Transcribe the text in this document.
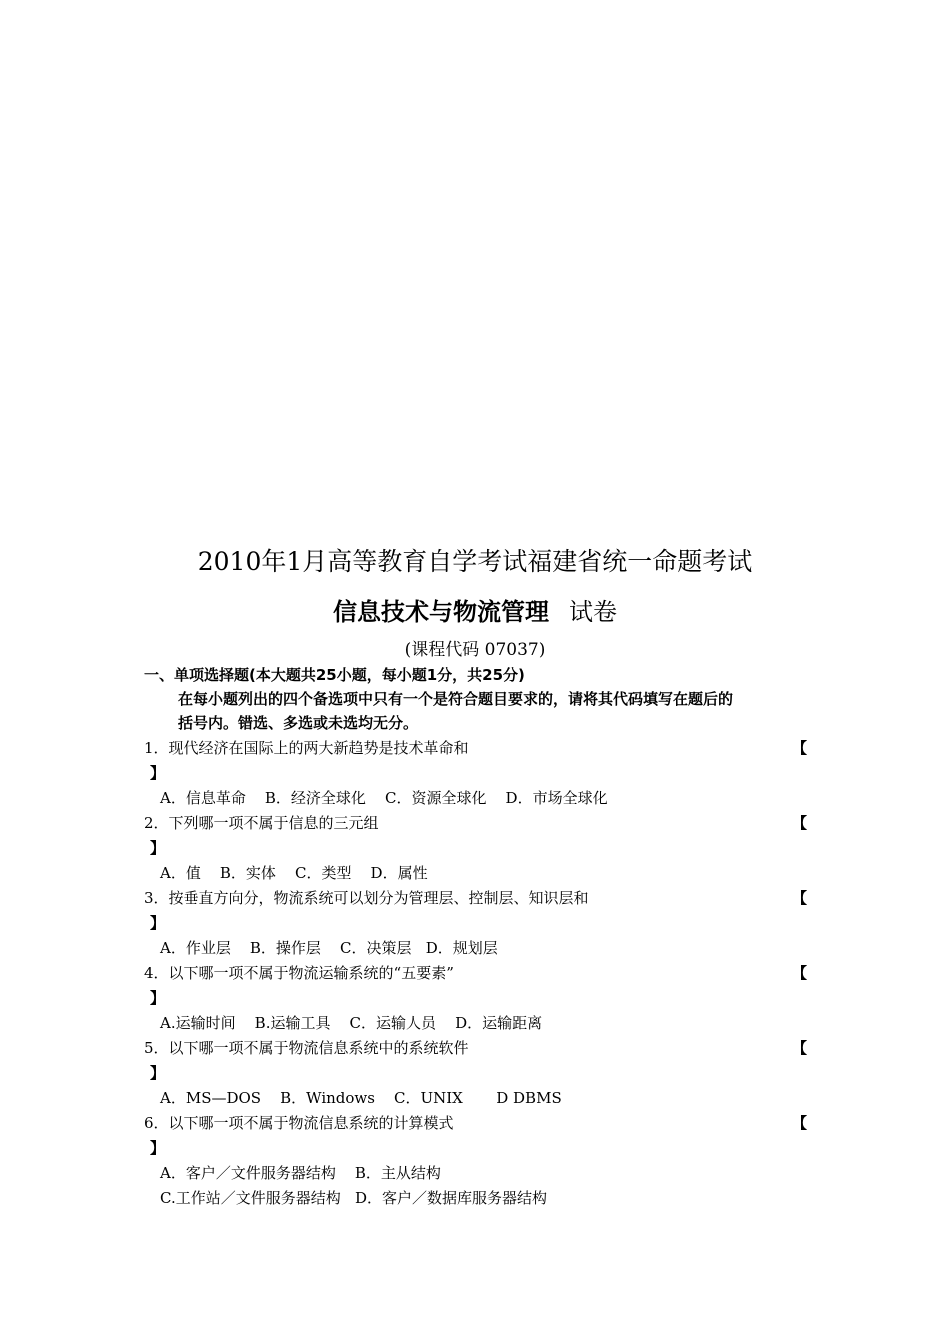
2010年1月高等教育自学考试福建省统一命题考试
信息技术与物流管理 试卷
(课程代码 07037)
一、单项选择题(本大题共25小题，每小题1分，共25分)
在每小题列出的四个备选项中只有一个是符合题目要求的，请将其代码填写在题后的
括号内。错选、多选或未选均无分。
1．现代经济在国际上的两大新趋势是技术革命和	【
】
A．信息革命    B．经济全球化    C．资源全球化    D．市场全球化
2．下列哪一项不属于信息的三元组	【
】
A．值    B．实体    C．类型    D．属性
3．按垂直方向分，物流系统可以划分为管理层、控制层、知识层和	【
】
A．作业层    B．操作层    C．决策层   D．规划层
4．以下哪一项不属于物流运输系统的“五要素”	【
】
A.运输时间    B.运输工具    C．运输人员    D．运输距离
5．以下哪一项不属于物流信息系统中的系统软件	【
】
A．MS—DOS    B．Windows    C．UNIX       D DBMS
6．以下哪一项不属于物流信息系统的计算模式	【
】
A．客户／文件服务器结构    B．主从结构
C.工作站／文件服务器结构   D．客户／数据库服务器结构
